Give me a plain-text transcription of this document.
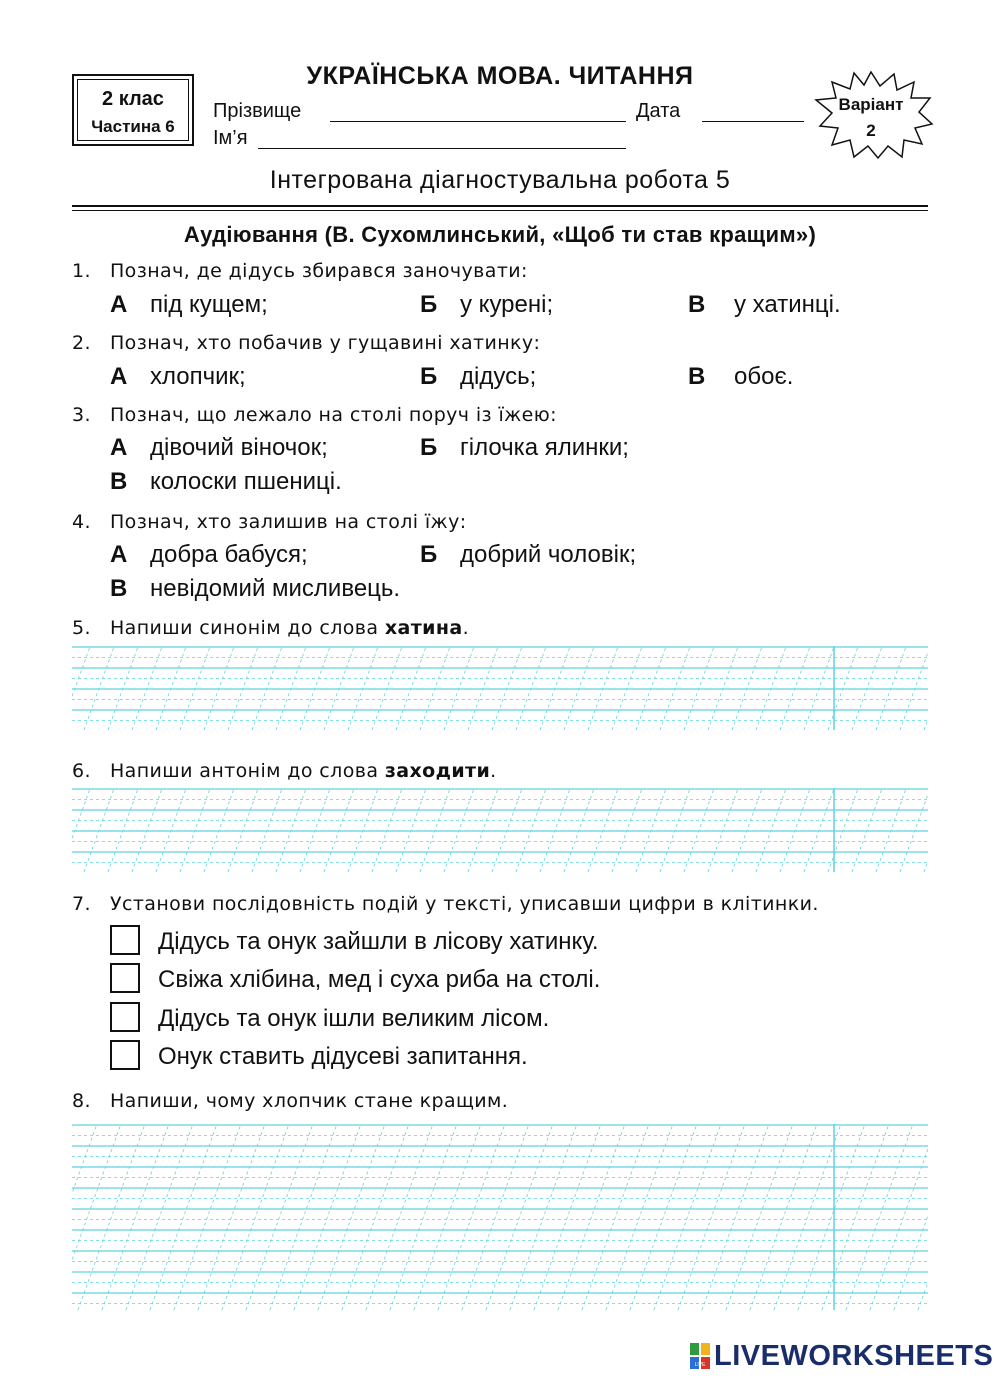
2 клас
Частина 6
УКРАЇНСЬКА МОВА. ЧИТАННЯ
Прізвище	Дата
Ім’я
Варіант
2
Інтегрована діагностувальна робота 5
Аудіювання (В. Сухомлинський, «Щоб ти став кращим»)
1. Познач, де дідусь збирався заночувати:
А під кущем;	Б у курені;	В у хатинці.
2. Познач, хто побачив у гущавині хатинку:
А хлопчик;	Б дідусь;	В обоє.
3. Познач, що лежало на столі поруч із їжею:
А дівочий віночок;	Б гілочка ялинки;
В колоски пшениці.
4. Познач, хто залишив на столі їжу:
А добра бабуся;	Б добрий чоловік;
В невідомий мисливець.
5. Напиши синонім до слова хатина.
6. Напиши антонім до слова заходити.
7. Установи послідовність подій у тексті, уписавши цифри в клітинки.
Дідусь та онук зайшли в лісову хатинку.
Свіжа хлібина, мед і суха риба на столі.
Дідусь та онук ішли великим лісом.
Онук ставить дідусеві запитання.
8. Напиши, чому хлопчик стане кращим.
LIVE LIVEWORKSHEETS
